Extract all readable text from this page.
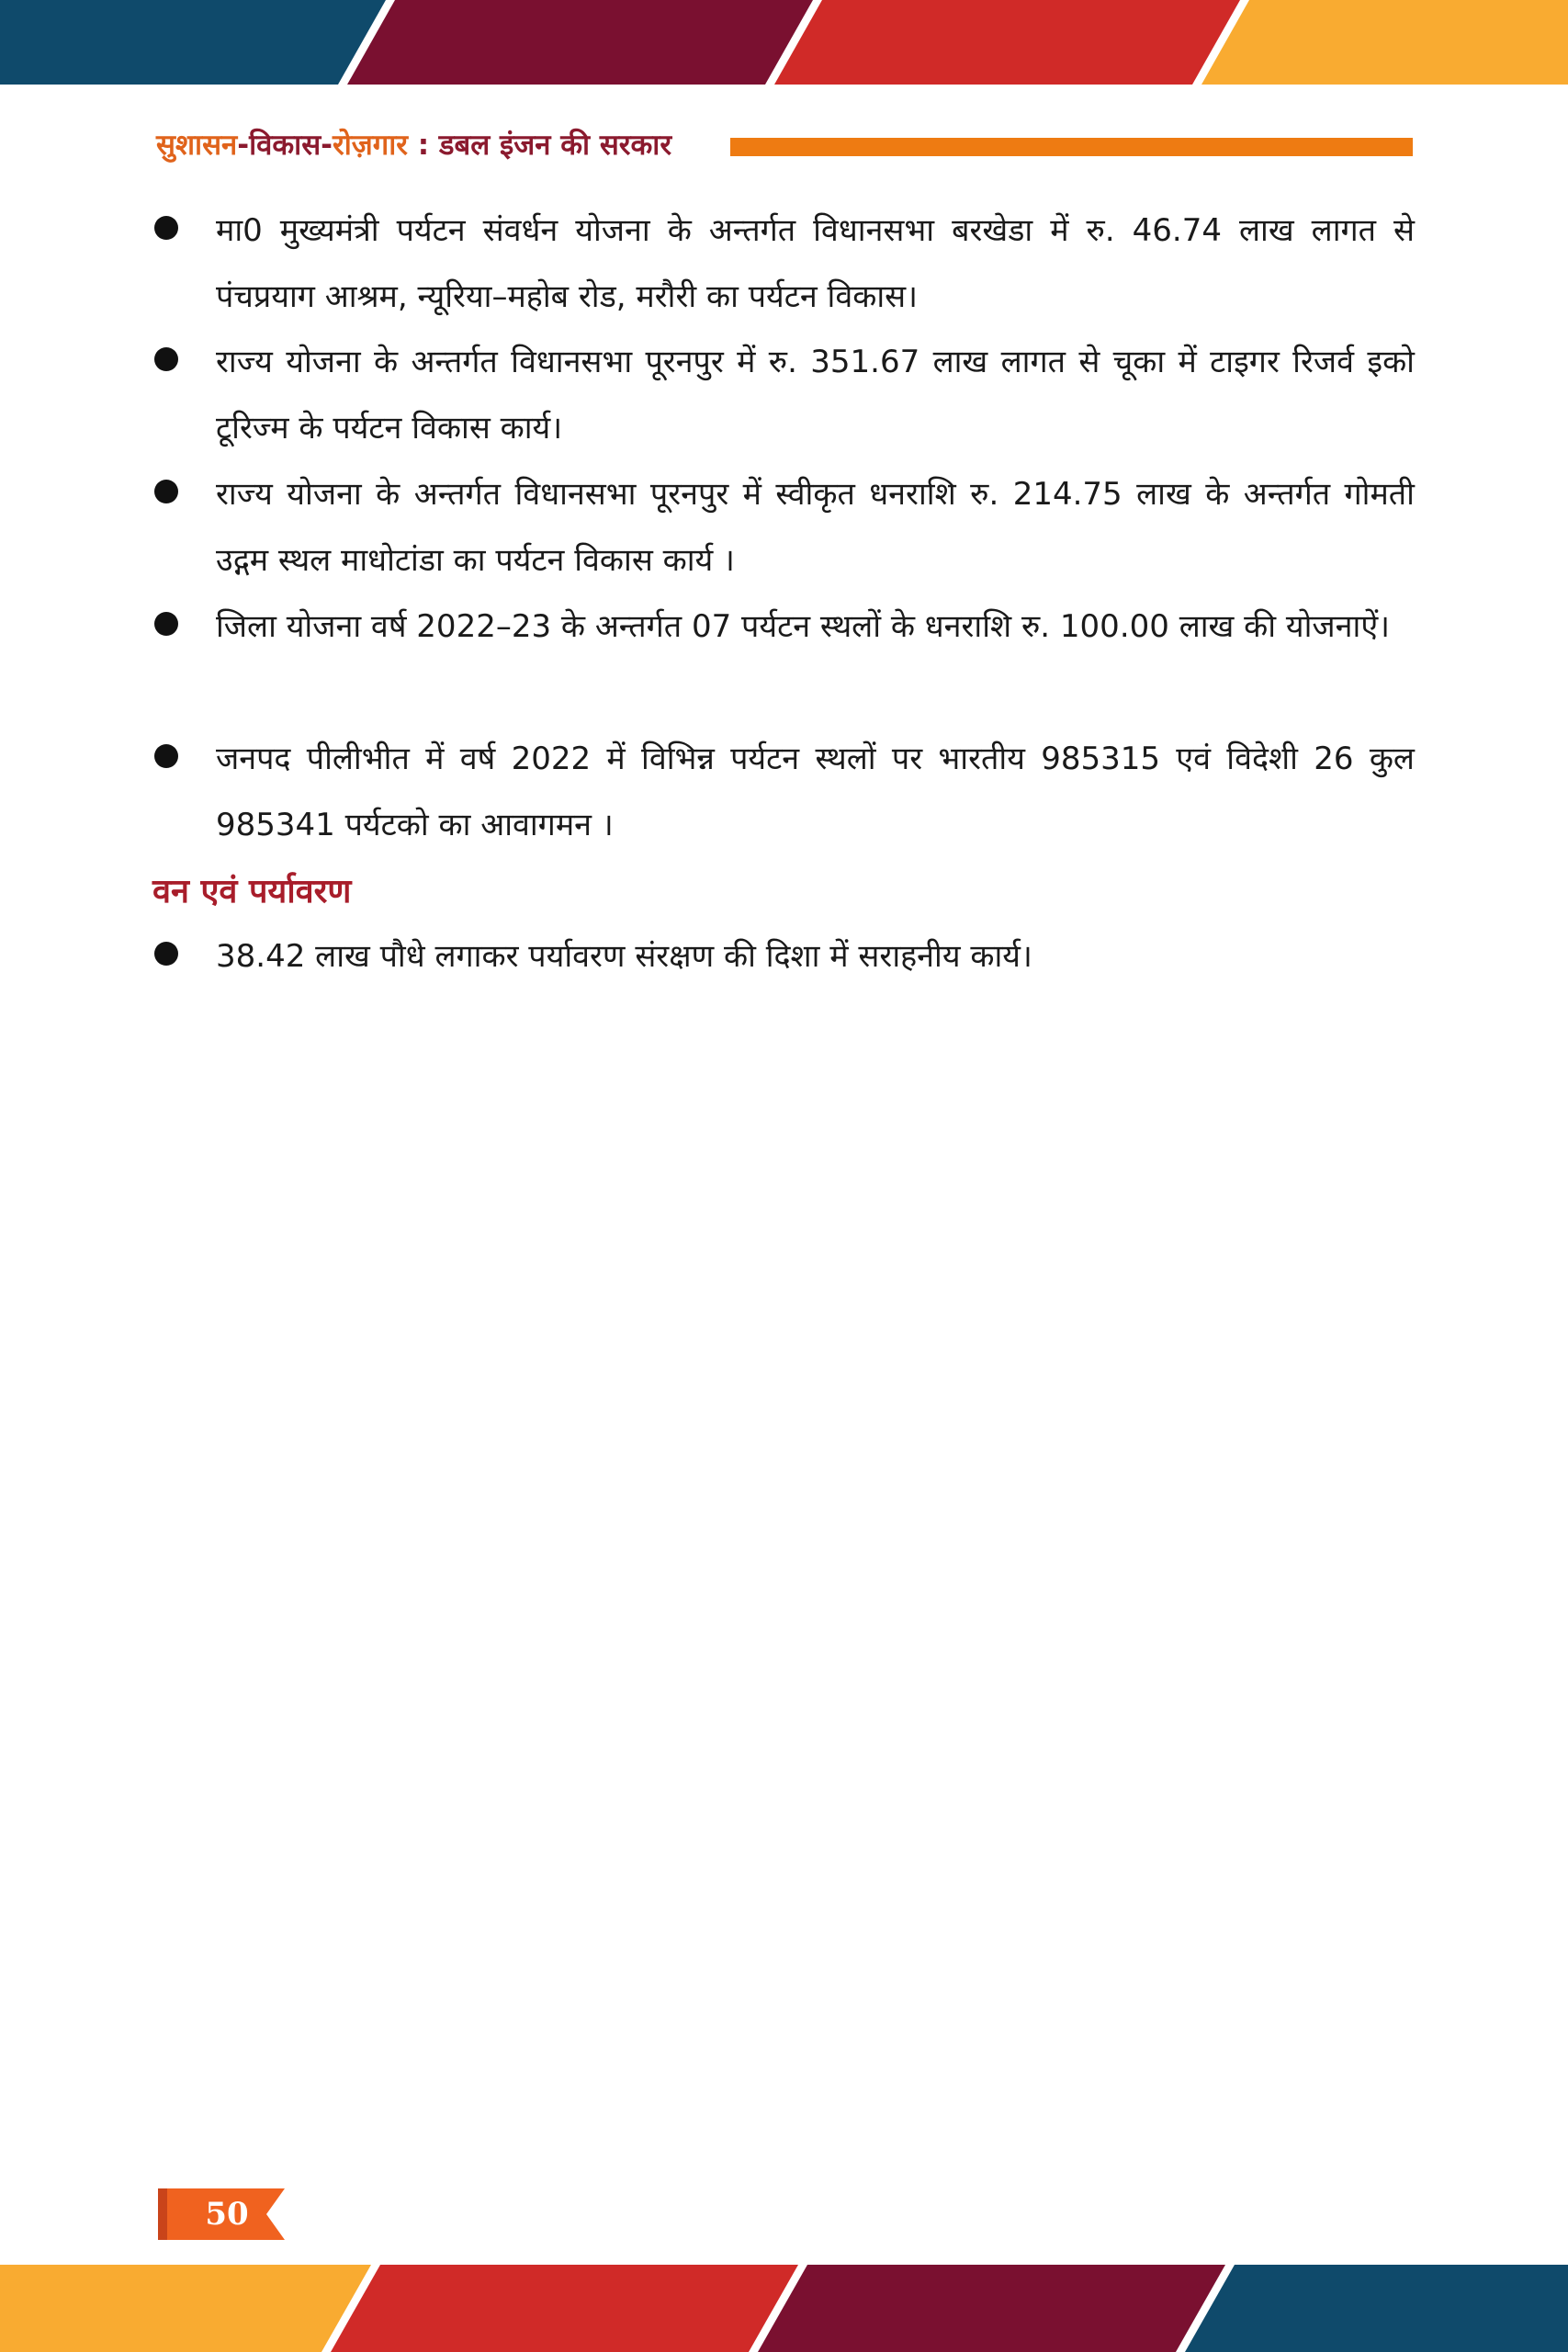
सुशासन-विकास-रोज़गार : डबल इंजन की सरकार
मा0 मुख्यमंत्री पर्यटन संवर्धन योजना के अन्तर्गत विधानसभा बरखेडा में रु. 46.74 लाख लागत से पंचप्रयाग आश्रम, न्यूरिया–महोब रोड, मरौरी का पर्यटन विकास।
राज्य योजना के अन्तर्गत विधानसभा पूरनपुर में रु. 351.67 लाख लागत से चूका में टाइगर रिजर्व इको टूरिज्म के पर्यटन विकास कार्य।
राज्य योजना के अन्तर्गत विधानसभा पूरनपुर में स्वीकृत धनराशि रु. 214.75 लाख के अन्तर्गत गोमती उद्गम स्थल माधोटांडा का पर्यटन विकास कार्य ।
जिला योजना वर्ष 2022–23 के अन्तर्गत 07 पर्यटन स्थलों के धनराशि रु. 100.00 लाख की योजनाऐं।
जनपद पीलीभीत में वर्ष 2022 में विभिन्न पर्यटन स्थलों पर भारतीय 985315 एवं विदेशी 26 कुल 985341 पर्यटको का आवागमन ।
वन एवं पर्यावरण
38.42 लाख पौधे लगाकर पर्यावरण संरक्षण की दिशा में सराहनीय कार्य।
50
